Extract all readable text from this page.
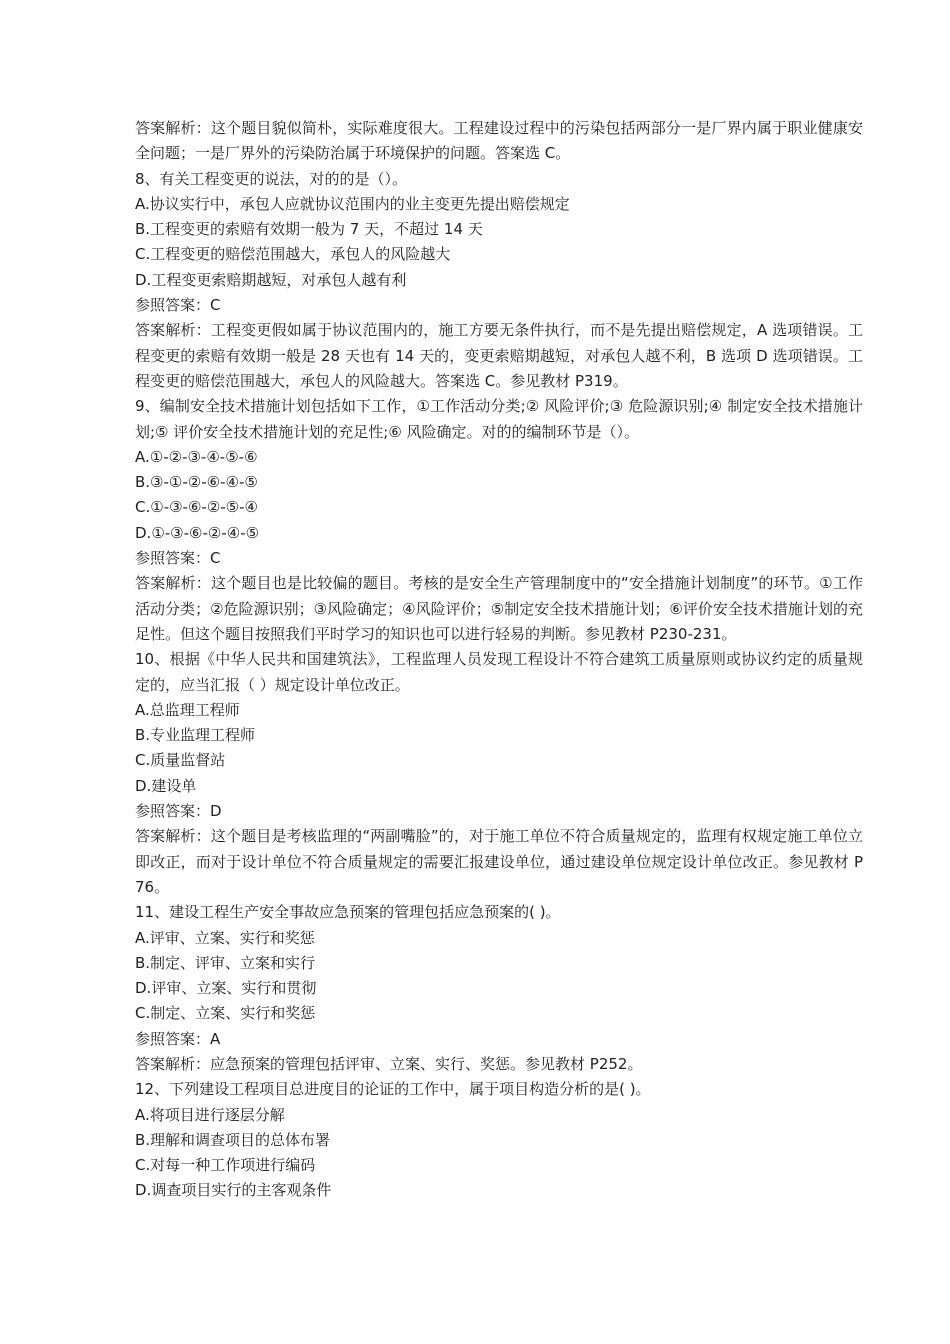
答案解析：这个题目貌似简朴，实际难度很大。工程建设过程中的污染包括两部分一是厂界内属于职业健康安全问题；一是厂界外的污染防治属于环境保护的问题。答案选 C。

8、有关工程变更的说法，对的的是（）。

A.协议实行中，承包人应就协议范围内的业主变更先提出赔偿规定

B.工程变更的索赔有效期一般为 7 天，不超过 14 天

C.工程变更的赔偿范围越大，承包人的风险越大

D.工程变更索赔期越短，对承包人越有利

参照答案：C

答案解析：工程变更假如属于协议范围内的，施工方要无条件执行，而不是先提出赔偿规定，A 选项错误。工程变更的索赔有效期一般是 28 天也有 14 天的，变更索赔期越短，对承包人越不利，B 选项 D 选项错误。工程变更的赔偿范围越大，承包人的风险越大。答案选 C。参见教材 P319。

9、编制安全技术措施计划包括如下工作，①工作活动分类;② 风险评价;③ 危险源识别;④ 制定安全技术措施计划;⑤ 评价安全技术措施计划的充足性;⑥ 风险确定。对的的编制环节是（）。

A.①-②-③-④-⑤-⑥

B.③-①-②-⑥-④-⑤

C.①-③-⑥-②-⑤-④

D.①-③-⑥-②-④-⑤

参照答案：C

答案解析：这个题目也是比较偏的题目。考核的是安全生产管理制度中的“安全措施计划制度”的环节。①工作活动分类；②危险源识别；③风险确定；④风险评价；⑤制定安全技术措施计划；⑥评价安全技术措施计划的充足性。但这个题目按照我们平时学习的知识也可以进行轻易的判断。参见教材 P230-231。

10、根据《中华人民共和国建筑法》，工程监理人员发现工程设计不符合建筑工质量原则或协议约定的质量规定的，应当汇报（ ）规定设计单位改正。

A.总监理工程师

B.专业监理工程师

C.质量监督站

D.建设单

参照答案：D

答案解析：这个题目是考核监理的“两副嘴脸”的，对于施工单位不符合质量规定的，监理有权规定施工单位立即改正，而对于设计单位不符合质量规定的需要汇报建设单位，通过建设单位规定设计单位改正。参见教材 P76。

11、建设工程生产安全事故应急预案的管理包括应急预案的( )。

A.评审、立案、实行和奖惩

B.制定、评审、立案和实行

D.评审、立案、实行和贯彻

C.制定、立案、实行和奖惩

参照答案：A

答案解析：应急预案的管理包括评审、立案、实行、奖惩。参见教材 P252。

12、下列建设工程项目总进度目的论证的工作中，属于项目构造分析的是( )。

A.将项目进行逐层分解

B.理解和调查项目的总体布署

C.对每一种工作项进行编码

D.调查项目实行的主客观条件
